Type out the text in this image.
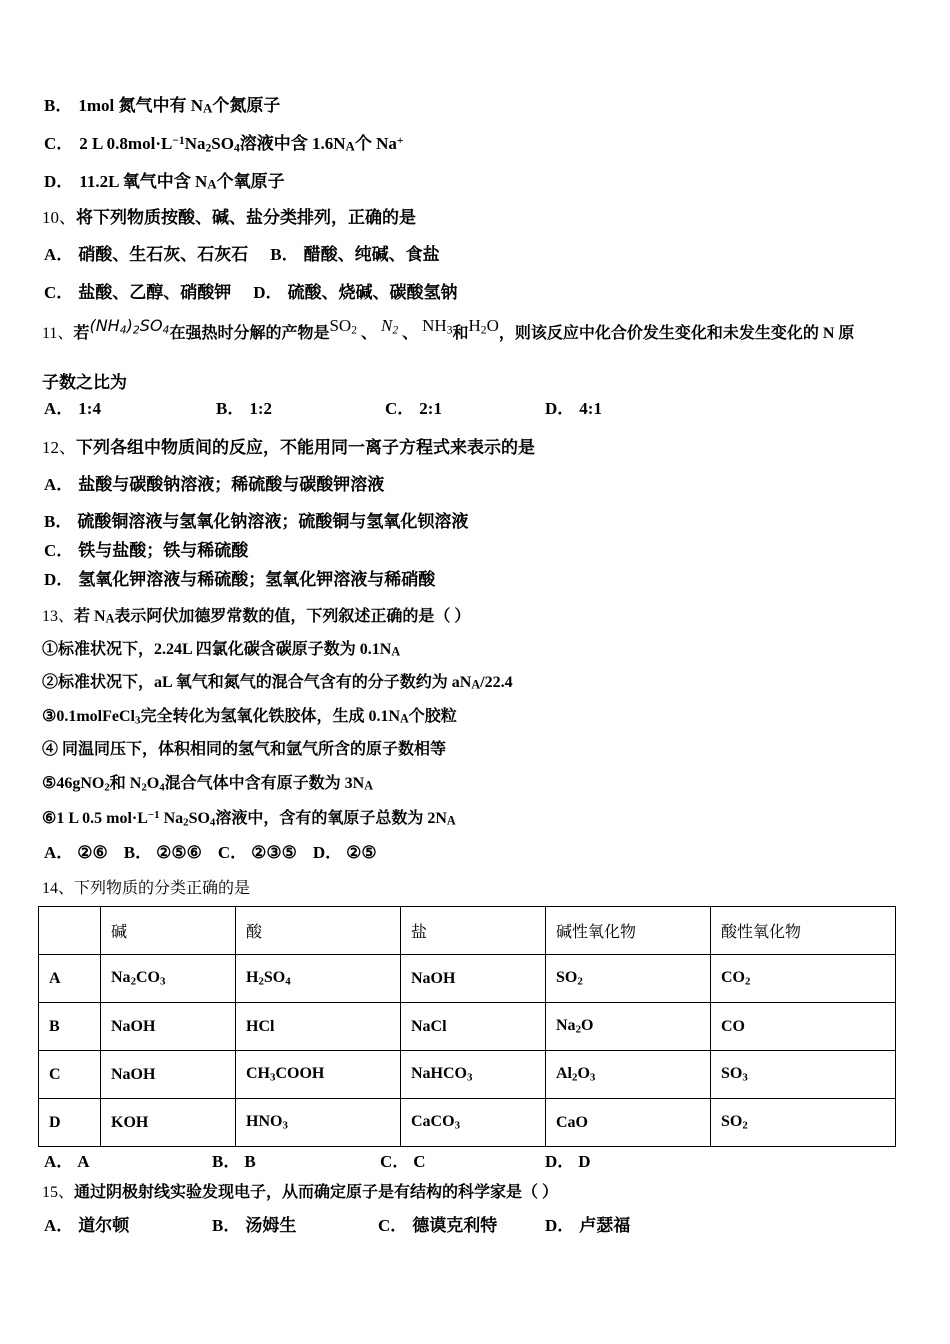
B． 1mol 氮气中有 NA个氮原子
C． 2 L $0.8mol\cdot L^{-1}Na_2SO_4$溶液中含 1.6NA个 Na+
D． 11.2L 氧气中含 NA个氧原子
10、将下列物质按酸、碱、盐分类排列，正确的是
A． 硝酸、生石灰、石灰石 B． 醋酸、纯碱、食盐
C． 盐酸、乙醇、硝酸钾 D． 硫酸、烧碱、碳酸氢钠
11、若$(NH_4)_2SO_4$在强热时分解的产物是$SO_2$ 、 $N_2$ 、 $NH_3$和$H_2O$，则该反应中化合价发生变化和未发生变化的 N 原
子数之比为
A． 1:4	B． 1:2	C． 2:1	D． 4:1
12、下列各组中物质间的反应，不能用同一离子方程式来表示的是
A． 盐酸与碳酸钠溶液；稀硫酸与碳酸钾溶液
B． 硫酸铜溶液与氢氧化钠溶液；硫酸铜与氢氧化钡溶液
C． 铁与盐酸；铁与稀硫酸
D． 氢氧化钾溶液与稀硫酸；氢氧化钾溶液与稀硝酸
13、若 NA表示阿伏加德罗常数的值，下列叙述正确的是（ ）
①标准状况下，2.24L 四氯化碳含碳原子数为 0.1NA
②标准状况下，aL 氧气和氮气的混合气含有的分子数约为 aNA/22.4
③0.1molFeCl$_3$完全转化为氢氧化铁胶体，生成 0.1NA个胶粒
④ 同温同压下，体积相同的氢气和氩气所含的原子数相等
⑤46gNO$_2$和 $N_2O_4$混合气体中含有原子数为 3NA
⑥1 L 0.5 $mol\cdot L^{-1}$ $Na_2SO_4$溶液中，含有的氧原子总数为 2NA
A． ②⑥ B． ②⑤⑥ C． ②③⑤ D． ②⑤
14、下列物质的分类正确的是
	碱	酸	盐	碱性氧化物	酸性氧化物
A	$Na_2CO_3$	$H_2SO_4$	NaOH	$SO_2$	$CO_2$
B	NaOH	HCl	NaCl	$Na_2O$	CO
C	NaOH	$CH_3COOH$	NaHCO$_3$	$Al_2O_3$	$SO_3$
D	KOH	$HNO_3$	CaCO$_3$	CaO	$SO_2$
A． A	B． B	C． C	D． D
15、通过阴极射线实验发现电子，从而确定原子是有结构的科学家是（ ）
A． 道尔顿	B． 汤姆生	C． 德谟克利特	D． 卢瑟福
